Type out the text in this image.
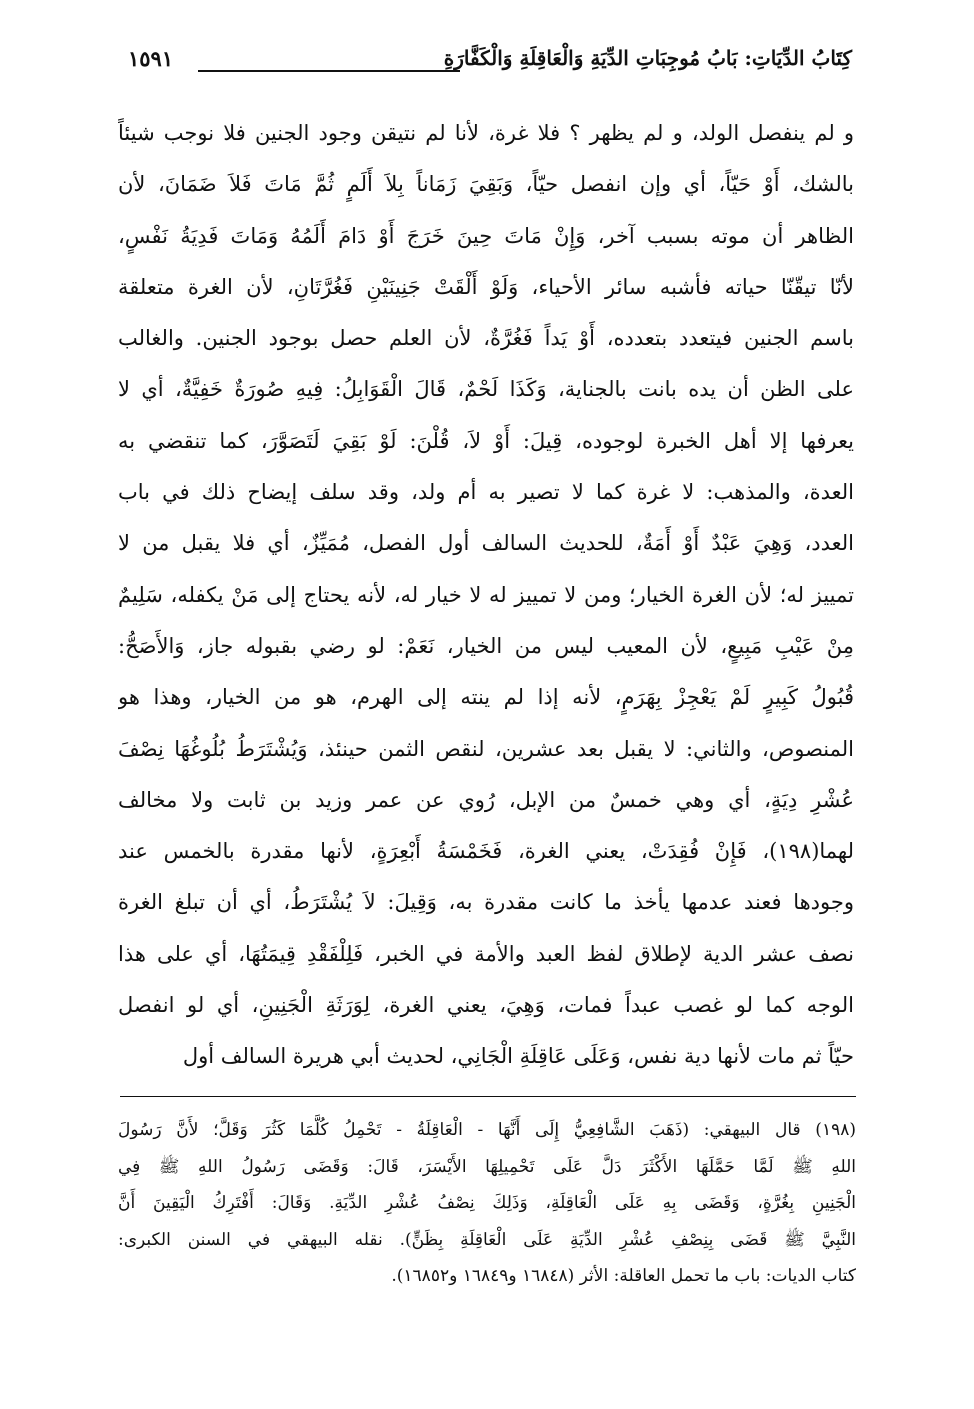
كِتَابُ الدِّيَاتِ: بَابُ مُوجِبَاتِ الدِّيَةِ وَالْعَاقِلَةِ وَالْكَفَّارَةِ
١٥٩١
و لم ينفصل الولد، و لم يظهر ؟ فلا غرة، لأنا لم نتيقن وجود الجنين فلا نوجب شيئاً
بالشك، أَوْ حَيّاً، أي وإن انفصل حيّاً، وَبَقِيَ زَمَاناً بِلاَ أَلَمٍ ثُمَّ مَاتَ فَلاَ ضَمَانَ، لأن
الظاهر أن موته بسبب آخر، وَإِنْ مَاتَ حِينَ خَرَجَ أَوْ دَامَ أَلَمُهُ وَمَاتَ فَدِيَةُ نَفْسٍ،
لأنّا تيقّنّا حياته فأشبه سائر الأحياء، وَلَوْ أَلْقَتْ جَنِينَيْنِ فَغُرَّتَانِ، لأن الغرة متعلقة
باسم الجنين فيتعدد بتعدده، أَوْ يَداً فَغُرَّةٌ، لأن العلم حصل بوجود الجنين. والغالب
على الظن أن يده بانت بالجناية، وَكَذَا لَحْمٌ، قَالَ الْقَوَابِلُ: فِيهِ صُورَةٌ خَفِيَّةٌ، أي لا
يعرفها إلا أهل الخبرة لوجوده، قِيلَ: أَوْ لاَ، قُلْنَ: لَوْ بَقِيَ لَتَصَوَّرَ، كما تنقضي به
العدة، والمذهب: لا غرة كما لا تصير به أم ولد، وقد سلف إيضاح ذلك في باب
العدد، وَهِيَ عَبْدٌ أَوْ أَمَةٌ، للحديث السالف أول الفصل، مُمَيِّزٌ، أي فلا يقبل من لا
تمييز له؛ لأن الغرة الخيار؛ ومن لا تمييز له لا خيار له، لأنه يحتاج إلى مَنْ يكفله، سَلِيمٌ
مِنْ عَيْبِ مَبِيعٍ، لأن المعيب ليس من الخيار، نَعَمْ: لو رضي بقبوله جاز، وَالأَصَحُّ:
قُبُولُ كَبِيرٍ لَمْ يَعْجِزْ بِهَرَمٍ، لأنه إذا لم ينته إلى الهرم، هو من الخيار، وهذا هو
المنصوص، والثاني: لا يقبل بعد عشرين، لنقص الثمن حينئذ، وَيُشْتَرَطُ بُلُوغُهَا نِصْفَ
عُشْرِ دِيَةٍ، أي وهي خمسٌ من الإبل، رُوي عن عمر وزيد بن ثابت ولا مخالف
لهما(١٩٨)، فَإِنْ فُقِدَتْ، يعني الغرة، فَخَمْسَةُ أَبْعِرَةٍ، لأنها مقدرة بالخمس عند
وجودها فعند عدمها يأخذ ما كانت مقدرة به، وَقِيلَ: لاَ يُشْتَرَطُ، أي أن تبلغ الغرة
نصف عشر الدية لإطلاق لفظ العبد والأمة في الخبر، فَلِلْفَقْدِ قِيمَتُهَا، أي على هذا
الوجه كما لو غصب عبداً فمات، وَهِيَ، يعني الغرة، لِوَرَثَةِ الْجَنِينِ، أي لو انفصل
حيّاً ثم مات لأنها دية نفس، وَعَلَى عَاقِلَةِ الْجَانِي، لحديث أبي هريرة السالف أول
(١٩٨) قال البيهقي: (ذَهَبَ الشَّافِعِيُّ إِلَى أَنَّهَا - الْعَاقِلَةُ - تَحْمِلُ كُلَّمَا كَثُرَ وَقَلَّ؛ لأَنَّ رَسُولَ
اللهِ ﷺ لَمَّا حَمَّلَهَا الأَكْثَرَ دَلَّ عَلَى تَحْمِيلِهَا الأَيْسَرَ، قَالَ: وَقَضَى رَسُولُ اللهِ ﷺ فِي
الْجَنِينِ بِغُرَّةٍ، وَقَضَى بِهِ عَلَى الْعَاقِلَةِ، وَذَلِكَ نِصْفُ عُشْرِ الدِّيَةِ. وَقَالَ: أَفْتَرِكُ الْيَقِينَ أَنَّ
النَّبِيَّ ﷺ قَضَى بِنِصْفِ عُشْرِ الدِّيَةِ عَلَى الْعَاقِلَةِ بِظَنٍّ). نقله البيهقي في السنن الكبرى:
كتاب الديات: باب ما تحمل العاقلة: الأثر (١٦٨٤٨ و١٦٨٤٩ و١٦٨٥٢).
